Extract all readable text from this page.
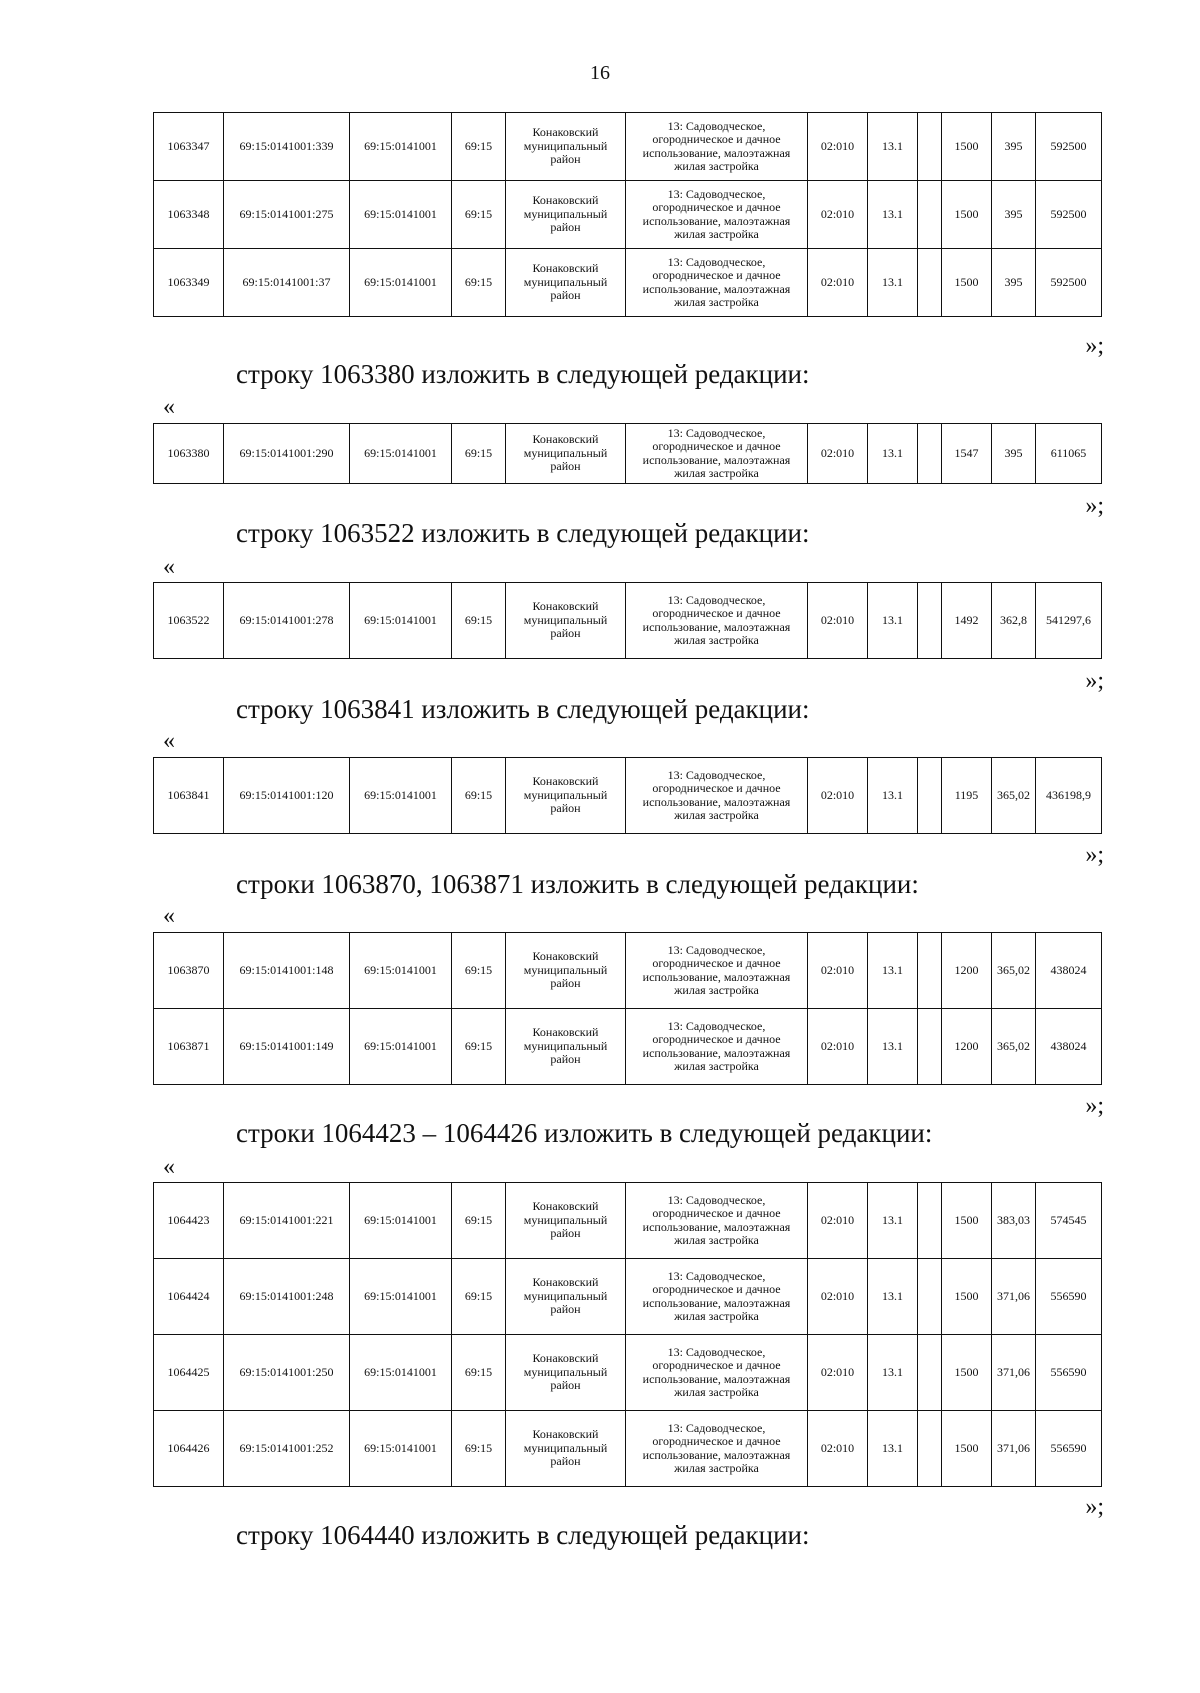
16
1063347	69:15:0141001:339	69:15:0141001	69:15	Конаковский муниципальный район	13: Садоводческое, огородническое и дачное использование, малоэтажная жилая застройка	02:010	13.1		1500	395	592500
1063348	69:15:0141001:275	69:15:0141001	69:15	Конаковский муниципальный район	13: Садоводческое, огородническое и дачное использование, малоэтажная жилая застройка	02:010	13.1		1500	395	592500
1063349	69:15:0141001:37	69:15:0141001	69:15	Конаковский муниципальный район	13: Садоводческое, огородническое и дачное использование, малоэтажная жилая застройка	02:010	13.1		1500	395	592500
»;
строку 1063380 изложить в следующей редакции:
«
1063380	69:15:0141001:290	69:15:0141001	69:15	Конаковский муниципальный район	13: Садоводческое, огородническое и дачное использование, малоэтажная жилая застройка	02:010	13.1		1547	395	611065
»;
строку 1063522 изложить в следующей редакции:
«
1063522	69:15:0141001:278	69:15:0141001	69:15	Конаковский муниципальный район	13: Садоводческое, огородническое и дачное использование, малоэтажная жилая застройка	02:010	13.1		1492	362,8	541297,6
»;
строку 1063841 изложить в следующей редакции:
«
1063841	69:15:0141001:120	69:15:0141001	69:15	Конаковский муниципальный район	13: Садоводческое, огородническое и дачное использование, малоэтажная жилая застройка	02:010	13.1		1195	365,02	436198,9
»;
строки 1063870, 1063871 изложить в следующей редакции:
«
1063870	69:15:0141001:148	69:15:0141001	69:15	Конаковский муниципальный район	13: Садоводческое, огородническое и дачное использование, малоэтажная жилая застройка	02:010	13.1		1200	365,02	438024
1063871	69:15:0141001:149	69:15:0141001	69:15	Конаковский муниципальный район	13: Садоводческое, огородническое и дачное использование, малоэтажная жилая застройка	02:010	13.1		1200	365,02	438024
»;
строки 1064423 – 1064426 изложить в следующей редакции:
«
1064423	69:15:0141001:221	69:15:0141001	69:15	Конаковский муниципальный район	13: Садоводческое, огородническое и дачное использование, малоэтажная жилая застройка	02:010	13.1		1500	383,03	574545
1064424	69:15:0141001:248	69:15:0141001	69:15	Конаковский муниципальный район	13: Садоводческое, огородническое и дачное использование, малоэтажная жилая застройка	02:010	13.1		1500	371,06	556590
1064425	69:15:0141001:250	69:15:0141001	69:15	Конаковский муниципальный район	13: Садоводческое, огородническое и дачное использование, малоэтажная жилая застройка	02:010	13.1		1500	371,06	556590
1064426	69:15:0141001:252	69:15:0141001	69:15	Конаковский муниципальный район	13: Садоводческое, огородническое и дачное использование, малоэтажная жилая застройка	02:010	13.1		1500	371,06	556590
»;
строку 1064440 изложить в следующей редакции:
